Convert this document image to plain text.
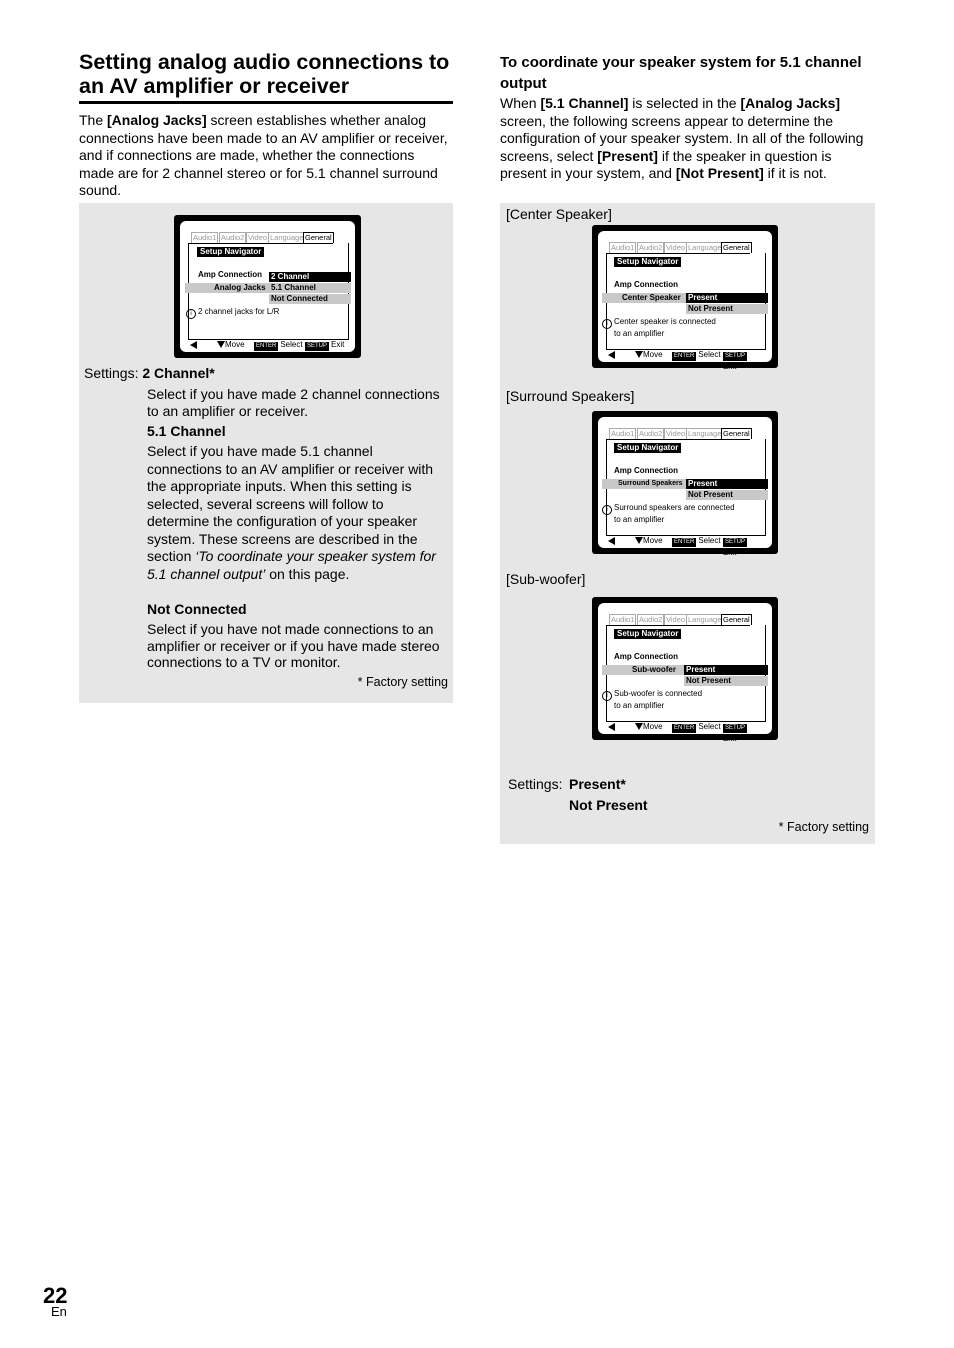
Setting analog audio connections to an AV amplifier or receiver
The [Analog Jacks] screen establishes whether analog connections have been made to an AV amplifier or receiver, and if connections are made, whether the connections made are for 2 channel stereo or for 5.1 channel surround sound.
Audio1 Audio2 Video Language General
Setup Navigator
Amp Connection
Analog Jacks
2 Channel
5.1 Channel
Not Connected
i 2 channel jacks for L/R
Move	ENTER Select SETUP Exit
Settings: 2 Channel*
Select if you have made 2 channel connections to an amplifier or receiver.
5.1 Channel
Select if you have made 5.1 channel connections to an AV amplifier or receiver with the appropriate inputs. When this setting is selected, several screens will follow to determine the configuration of your speaker system. These screens are described in the section ‘To coordinate your speaker system for 5.1 channel output’ on this page.
Not Connected
Select if you have not made connections to an amplifier or receiver or if you have made stereo connections to a TV or monitor.
* Factory setting
To coordinate your speaker system for 5.1 channel output
When [5.1 Channel] is selected in the [Analog Jacks] screen, the following screens appear to determine the configuration of your speaker system. In all of the following screens, select [Present] if the speaker in question is present in your system, and [Not Present] if it is not.
[Center Speaker]
Audio1 Audio2 Video Language General
Setup Navigator
Amp Connection
Center Speaker Present
Not Present
i Center speaker is connected
to an amplifier
Move	ENTER Select SETUPExit
[Surround Speakers]
Audio1 Audio2 Video Language General
Setup Navigator
Amp Connection
Surround Speakers Present
Not Present
i Surround speakers are connected
to an amplifier
Move	ENTER Select SETUPExit
[Sub-woofer]
Audio1 Audio2 Video Language General
Setup Navigator
Amp Connection
Sub-woofer Present
Not Present
i Sub-woofer is connected
to an amplifier
Move	ENTER Select SETUPExit
Settings: Present*
Not Present
* Factory setting
22
En
